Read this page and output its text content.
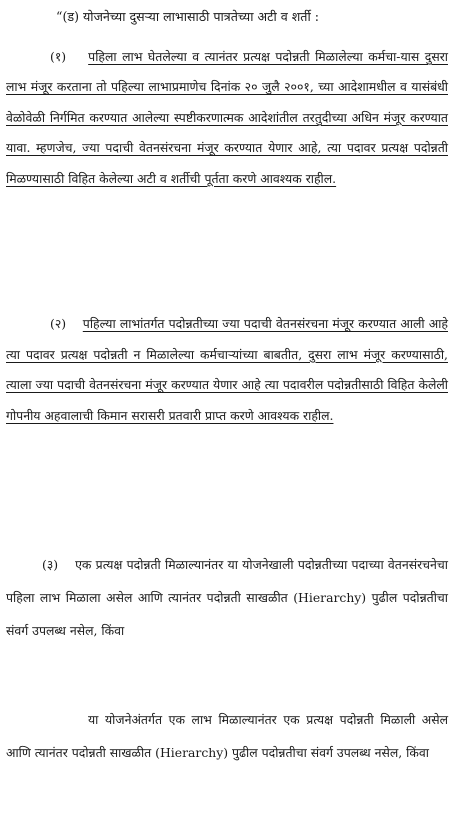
“(ड) योजनेच्या दुसऱ्या लाभासाठी पात्रतेच्या अटी व शर्ती :
(१) पहिला लाभ घेतलेल्या व त्यानंतर प्रत्यक्ष पदोन्नती मिळालेल्या कर्मचा-यास दुसरा लाभ मंजूर करताना तो पहिल्या लाभाप्रमाणेच दिनांक २० जुलै २००१, च्या आदेशामधील व यासंबंधी वेळोवेळी निर्गमित करण्यात आलेल्या स्पष्टीकरणात्मक आदेशांतील तरतुदीच्या अधिन मंजूर करण्यात यावा. म्हणजेच, ज्या पदाची वेतनसंरचना मंजूर करण्यात येणार आहे, त्या पदावर प्रत्यक्ष पदोन्नती मिळण्यासाठी विहित केलेल्या अटी व शर्तीची पूर्तता करणे आवश्यक राहील.
(२) पहिल्या लाभांतर्गत पदोन्नतीच्या ज्या पदाची वेतनसंरचना मंजूर करण्यात आली आहे त्या पदावर प्रत्यक्ष पदोन्नती न मिळालेल्या कर्मचाऱ्यांच्या बाबतीत, दुसरा लाभ मंजूर करण्यासाठी, त्याला ज्या पदाची वेतनसंरचना मंजूर करण्यात येणार आहे त्या पदावरील पदोन्नतीसाठी विहित केलेली गोपनीय अहवालाची किमान सरासरी प्रतवारी प्राप्त करणे आवश्यक राहील.
(३) एक प्रत्यक्ष पदोन्नती मिळाल्यानंतर या योजनेखाली पदोन्नतीच्या पदाच्या वेतनसंरचनेचा पहिला लाभ मिळाला असेल आणि त्यानंतर पदोन्नती साखळीत (Hierarchy) पुढील पदोन्नतीचा संवर्ग उपलब्ध नसेल, किंवा
या योजनेअंतर्गत एक लाभ मिळाल्यानंतर एक प्रत्यक्ष पदोन्नती मिळाली असेल आणि त्यानंतर पदोन्नती साखळीत (Hierarchy) पुढील पदोन्नतीचा संवर्ग उपलब्ध नसेल, किंवा
